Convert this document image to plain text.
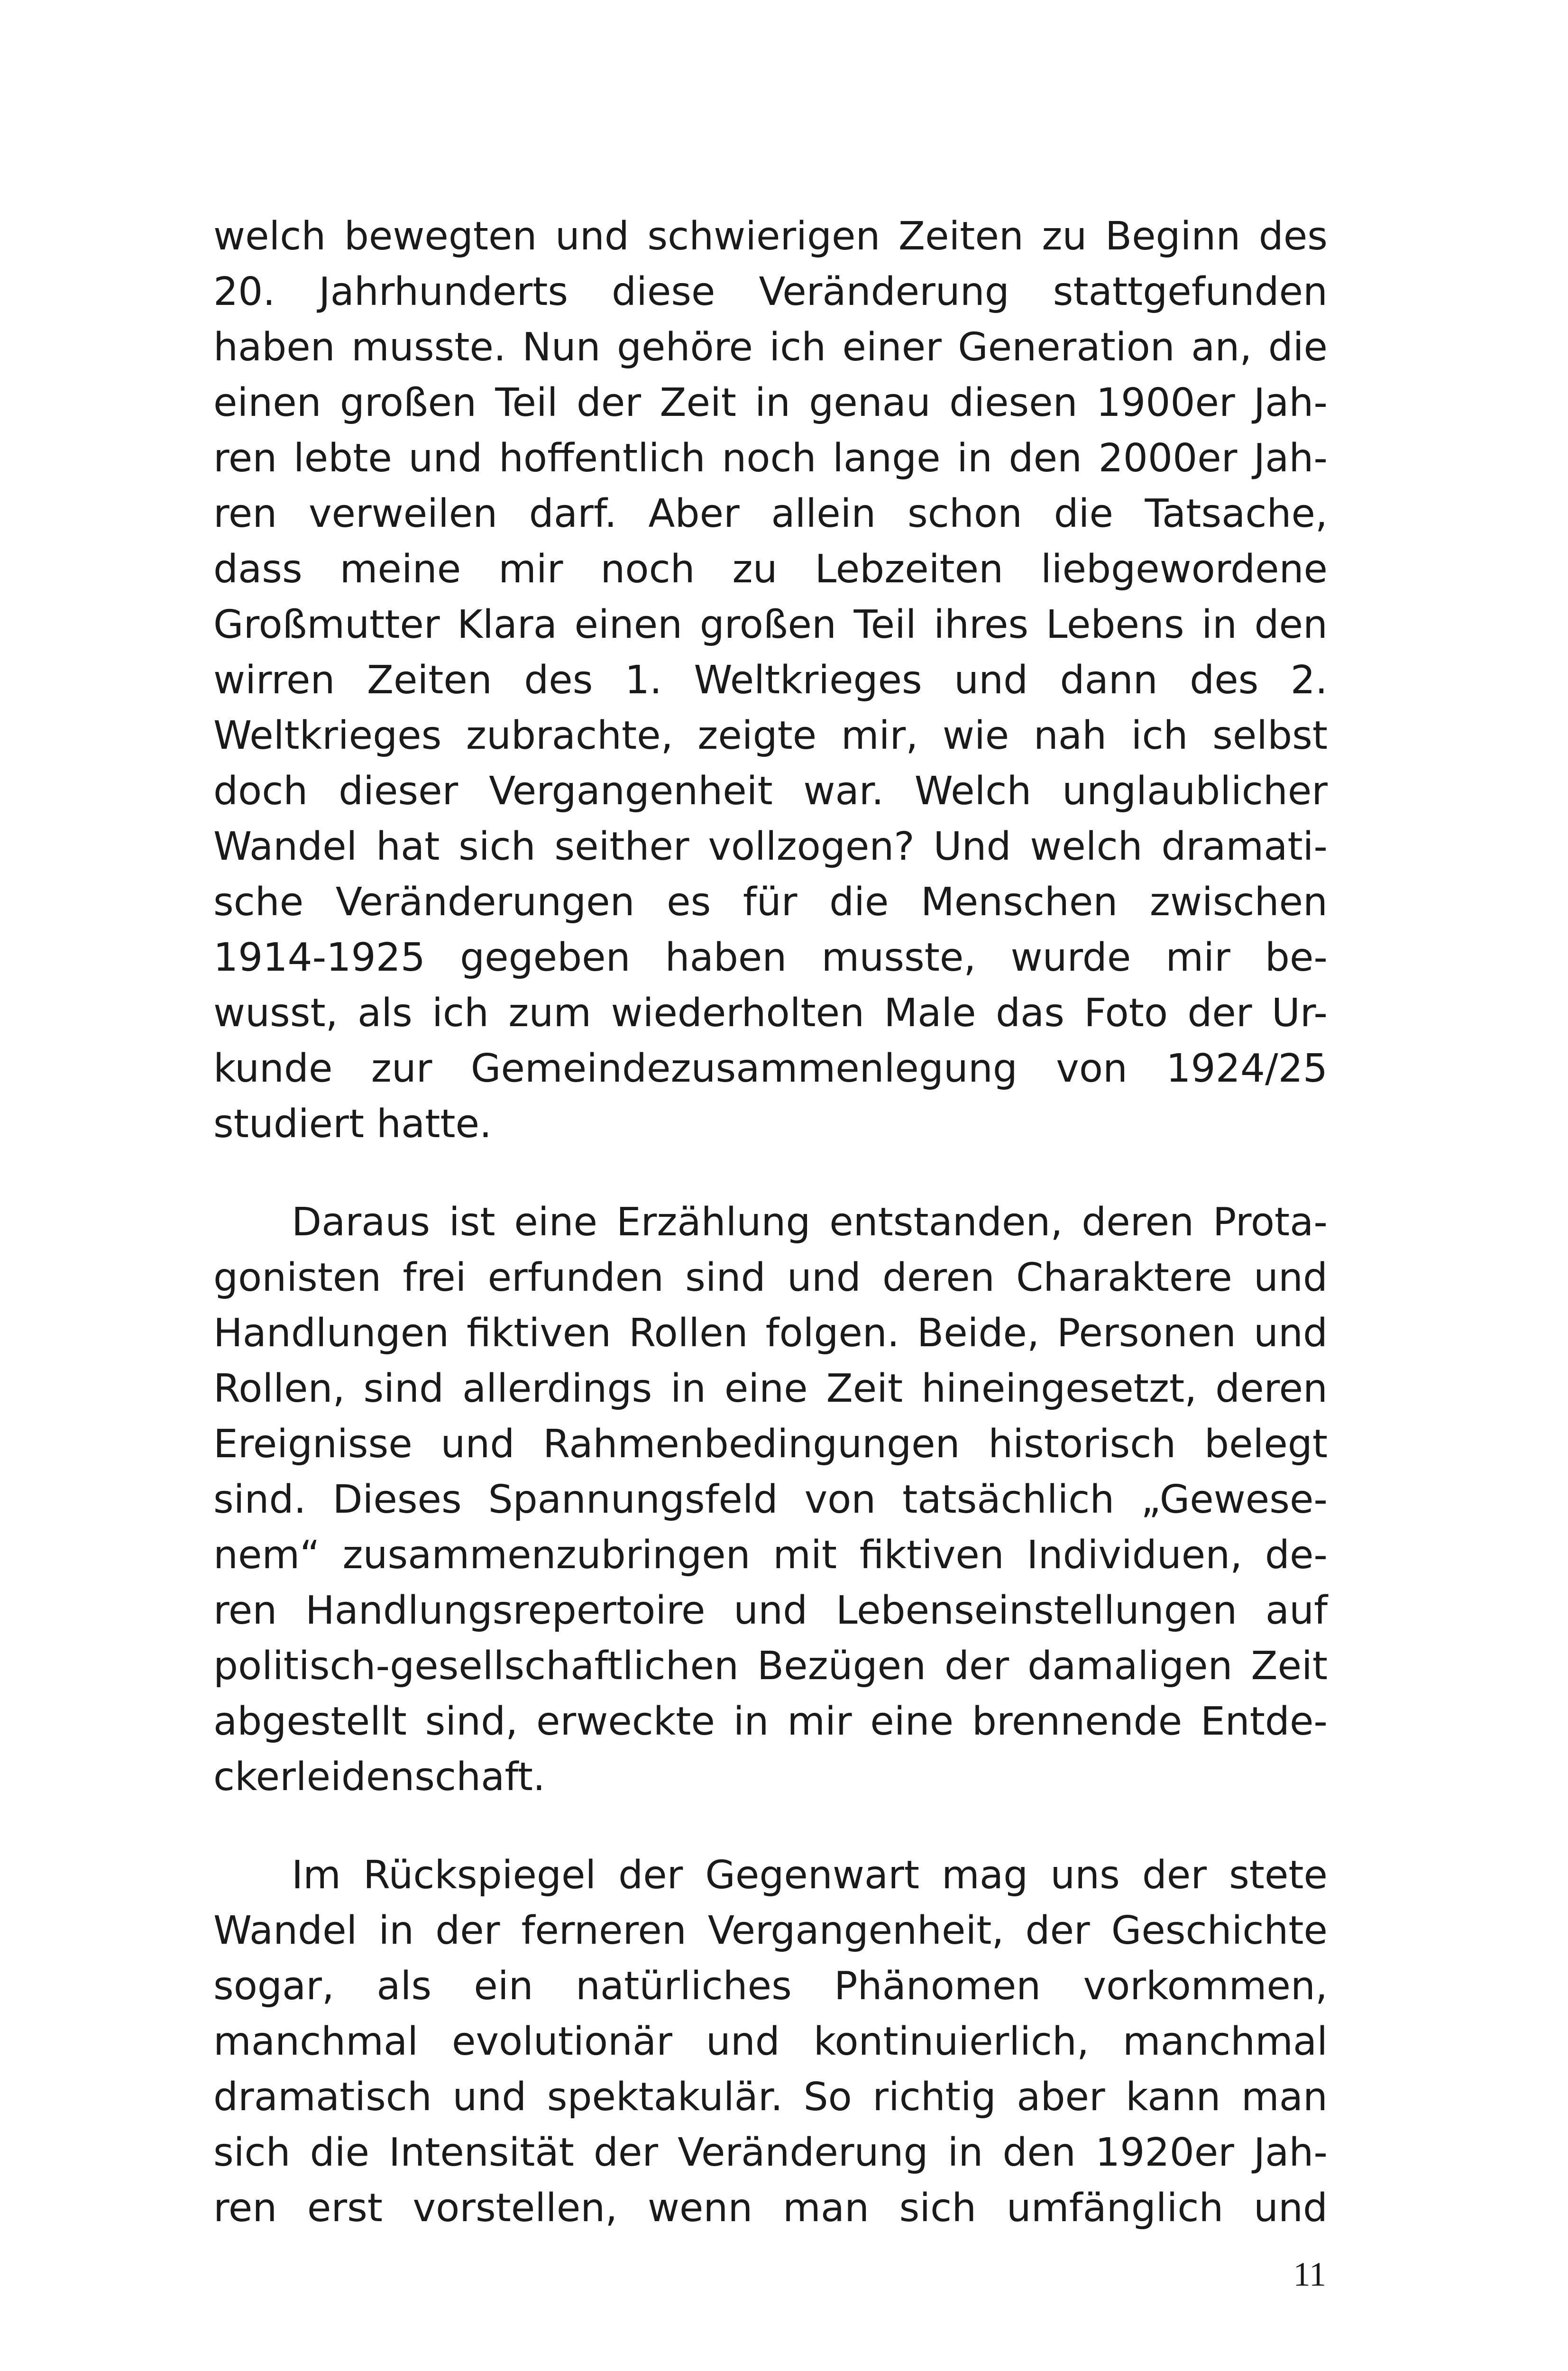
welch bewegten und schwierigen Zeiten zu Beginn des
20. Jahrhunderts diese Veränderung stattgefunden
haben musste. Nun gehöre ich einer Generation an, die
einen großen Teil der Zeit in genau diesen 1900er Jah-
ren lebte und hoffentlich noch lange in den 2000er Jah-
ren verweilen darf. Aber allein schon die Tatsache,
dass meine mir noch zu Lebzeiten liebgewordene
Großmutter Klara einen großen Teil ihres Lebens in den
wirren Zeiten des 1. Weltkrieges und dann des 2.
Weltkrieges zubrachte, zeigte mir, wie nah ich selbst
doch dieser Vergangenheit war. Welch unglaublicher
Wandel hat sich seither vollzogen? Und welch dramati-
sche Veränderungen es für die Menschen zwischen
1914-1925 gegeben haben musste, wurde mir be-
wusst, als ich zum wiederholten Male das Foto der Ur-
kunde zur Gemeindezusammenlegung von 1924/25
studiert hatte.
Daraus ist eine Erzählung entstanden, deren Prota-
gonisten frei erfunden sind und deren Charaktere und
Handlungen fiktiven Rollen folgen. Beide, Personen und
Rollen, sind allerdings in eine Zeit hineingesetzt, deren
Ereignisse und Rahmenbedingungen historisch belegt
sind. Dieses Spannungsfeld von tatsächlich „Gewese-
nem“ zusammenzubringen mit fiktiven Individuen, de-
ren Handlungsrepertoire und Lebenseinstellungen auf
politisch-gesellschaftlichen Bezügen der damaligen Zeit
abgestellt sind, erweckte in mir eine brennende Entde-
ckerleidenschaft.
Im Rückspiegel der Gegenwart mag uns der stete
Wandel in der ferneren Vergangenheit, der Geschichte
sogar, als ein natürliches Phänomen vorkommen,
manchmal evolutionär und kontinuierlich, manchmal
dramatisch und spektakulär. So richtig aber kann man
sich die Intensität der Veränderung in den 1920er Jah-
ren erst vorstellen, wenn man sich umfänglich und
11
